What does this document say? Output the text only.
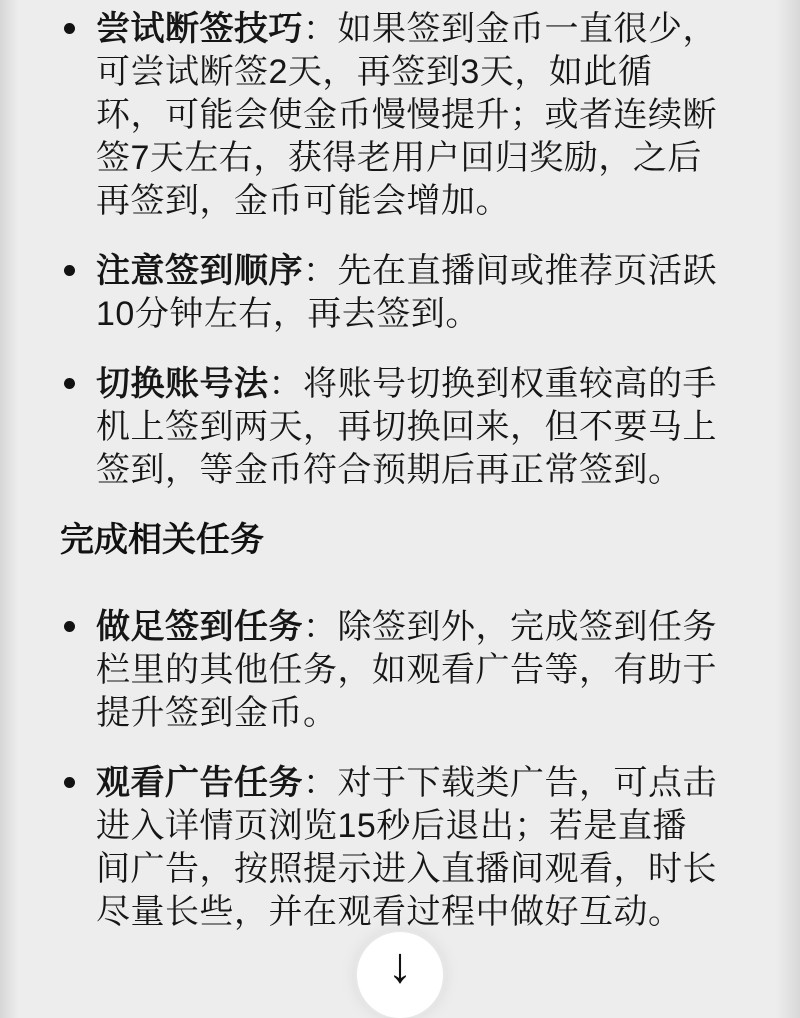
尝试断签技巧：如果签到金币一直很少，可尝试断签2天，再签到3天，如此循环，可能会使金币慢慢提升；或者连续断签7天左右，获得老用户回归奖励，之后再签到，金币可能会增加。

注意签到顺序：先在直播间或推荐页活跃10分钟左右，再去签到。

切换账号法：将账号切换到权重较高的手机上签到两天，再切换回来，但不要马上签到，等金币符合预期后再正常签到。

完成相关任务

做足签到任务：除签到外，完成签到任务栏里的其他任务，如观看广告等，有助于提升签到金币。

观看广告任务：对于下载类广告，可点击进入详情页浏览15秒后退出；若是直播间广告，按照提示进入直播间观看，时长尽量长些，并在观看过程中做好互动。

↓
